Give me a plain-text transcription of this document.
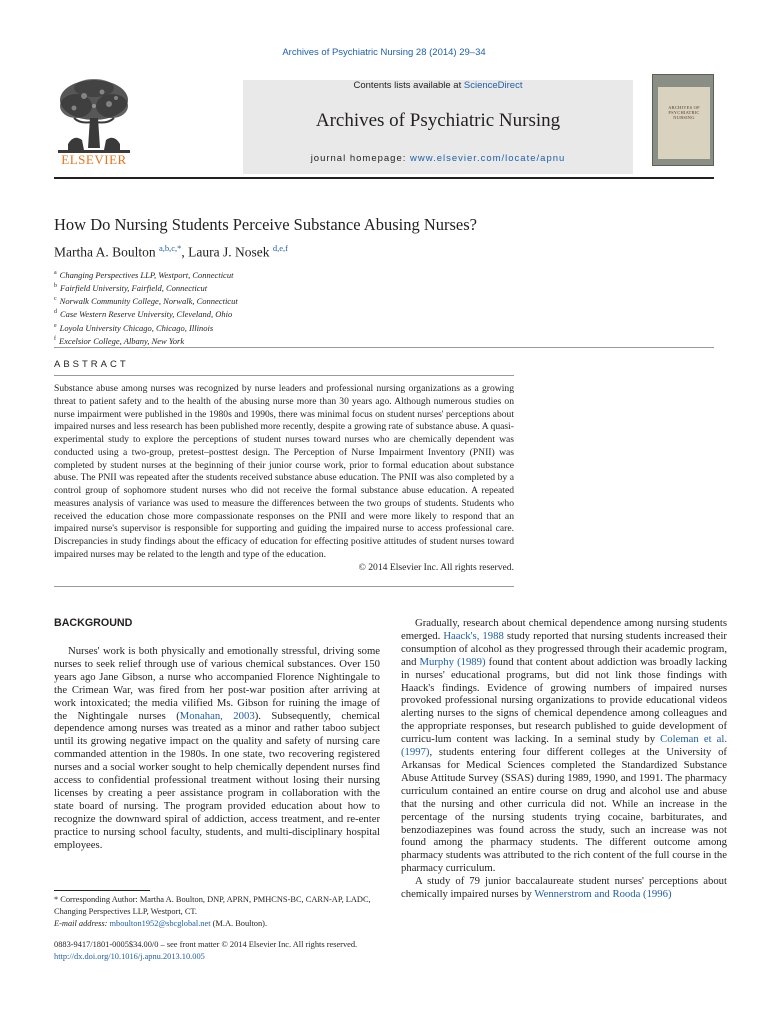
Archives of Psychiatric Nursing 28 (2014) 29–34
Contents lists available at ScienceDirect
Archives of Psychiatric Nursing
journal homepage: www.elsevier.com/locate/apnu
ELSEVIER
ARCHIVES OF PSYCHIATRIC NURSING
How Do Nursing Students Perceive Substance Abusing Nurses?
Martha A. Boulton $^{a,b,c,*}$, Laura J. Nosek $^{d,e,f}$
$^a$ Changing Perspectives LLP, Westport, Connecticut
$^b$ Fairfield University, Fairfield, Connecticut
$^c$ Norwalk Community College, Norwalk, Connecticut
$^d$ Case Western Reserve University, Cleveland, Ohio
$^e$ Loyola University Chicago, Chicago, Illinois
$^f$ Excelsior College, Albany, New York
ABSTRACT
Substance abuse among nurses was recognized by nurse leaders and professional nursing organizations as a growing threat to patient safety and to the health of the abusing nurse more than 30 years ago. Although numerous studies on nurse impairment were published in the 1980s and 1990s, there was minimal focus on student nurses' perceptions about impaired nurses and less research has been published more recently, despite a growing rate of substance abuse. A quasi-experimental study to explore the perceptions of student nurses toward nurses who are chemically dependent was conducted using a two-group, pretest–posttest design. The Perception of Nurse Impairment Inventory (PNII) was completed by student nurses at the beginning of their junior course work, prior to formal education about substance abuse. The PNII was repeated after the students received substance abuse education. The PNII was also completed by a control group of sophomore student nurses who did not receive the formal substance abuse education. A repeated measures analysis of variance was used to measure the differences between the two groups of students. Students who received the education chose more compassionate responses on the PNII and were more likely to respond that an impaired nurse's supervisor is responsible for supporting and guiding the impaired nurse to access professional care. Discrepancies in study findings about the efficacy of education for effecting positive attitudes of student nurses toward impaired nurses may be related to the length and type of the education.
© 2014 Elsevier Inc. All rights reserved.
BACKGROUND
Nurses' work is both physically and emotionally stressful, driving some nurses to seek relief through use of various chemical substances. Over 150 years ago Jane Gibson, a nurse who accompanied Florence Nightingale to the Crimean War, was fired from her post-war position after arriving at work intoxicated; the media vilified Ms. Gibson for ruining the image of the Nightingale nurses (Monahan, 2003). Subsequently, chemical dependence among nurses was treated as a minor and rather taboo subject until its growing negative impact on the quality and safety of nursing care commanded attention in the 1980s. In one state, two recovering registered nurses and a social worker sought to help chemically dependent nurses find access to confidential professional treatment without losing their nursing licenses by creating a peer assistance program in collaboration with the state board of nursing. The program provided education about how to recognize the downward spiral of addiction, access treatment, and re-enter practice to nursing school faculty, students, and multi-disciplinary hospital employees.

Gradually, research about chemical dependence among nursing students emerged. Haack's, 1988 study reported that nursing students increased their consumption of alcohol as they progressed through their academic program, and Murphy (1989) found that content about addiction was broadly lacking in nurses' educational programs, but did not link those findings with Haack's findings. Evidence of growing numbers of impaired nurses provoked professional nursing organizations to provide educational videos alerting nurses to the signs of chemical dependence among colleagues and the appropriate responses, but research published to guide development of curricu-lum content was lacking. In a seminal study by Coleman et al. (1997), students entering four different colleges at the University of Arkansas for Medical Sciences completed the Standardized Substance Abuse Attitude Survey (SSAS) during 1989, 1990, and 1991. The pharmacy curriculum contained an entire course on drug and alcohol use and abuse that the nursing and other curricula did not. While an increase in the percentage of the nursing students trying cocaine, barbiturates, and benzodiazepines was found across the study, such an increase was not found among the pharmacy students. The different outcome among pharmacy students was attributed to the rich content of the full course in the pharmacy curriculum.

A study of 79 junior baccalaureate student nurses' perceptions about chemically impaired nurses by Wennerstrom and Rooda (1996)

* Corresponding Author: Martha A. Boulton, DNP, APRN, PMHCNS-BC, CARN-AP, LADC, Changing Perspectives LLP, Westport, CT.
E-mail address: mboulton1952@sbcglobal.net (M.A. Boulton).
0883-9417/1801-0005$34.00/0 – see front matter © 2014 Elsevier Inc. All rights reserved.
http://dx.doi.org/10.1016/j.apnu.2013.10.005
